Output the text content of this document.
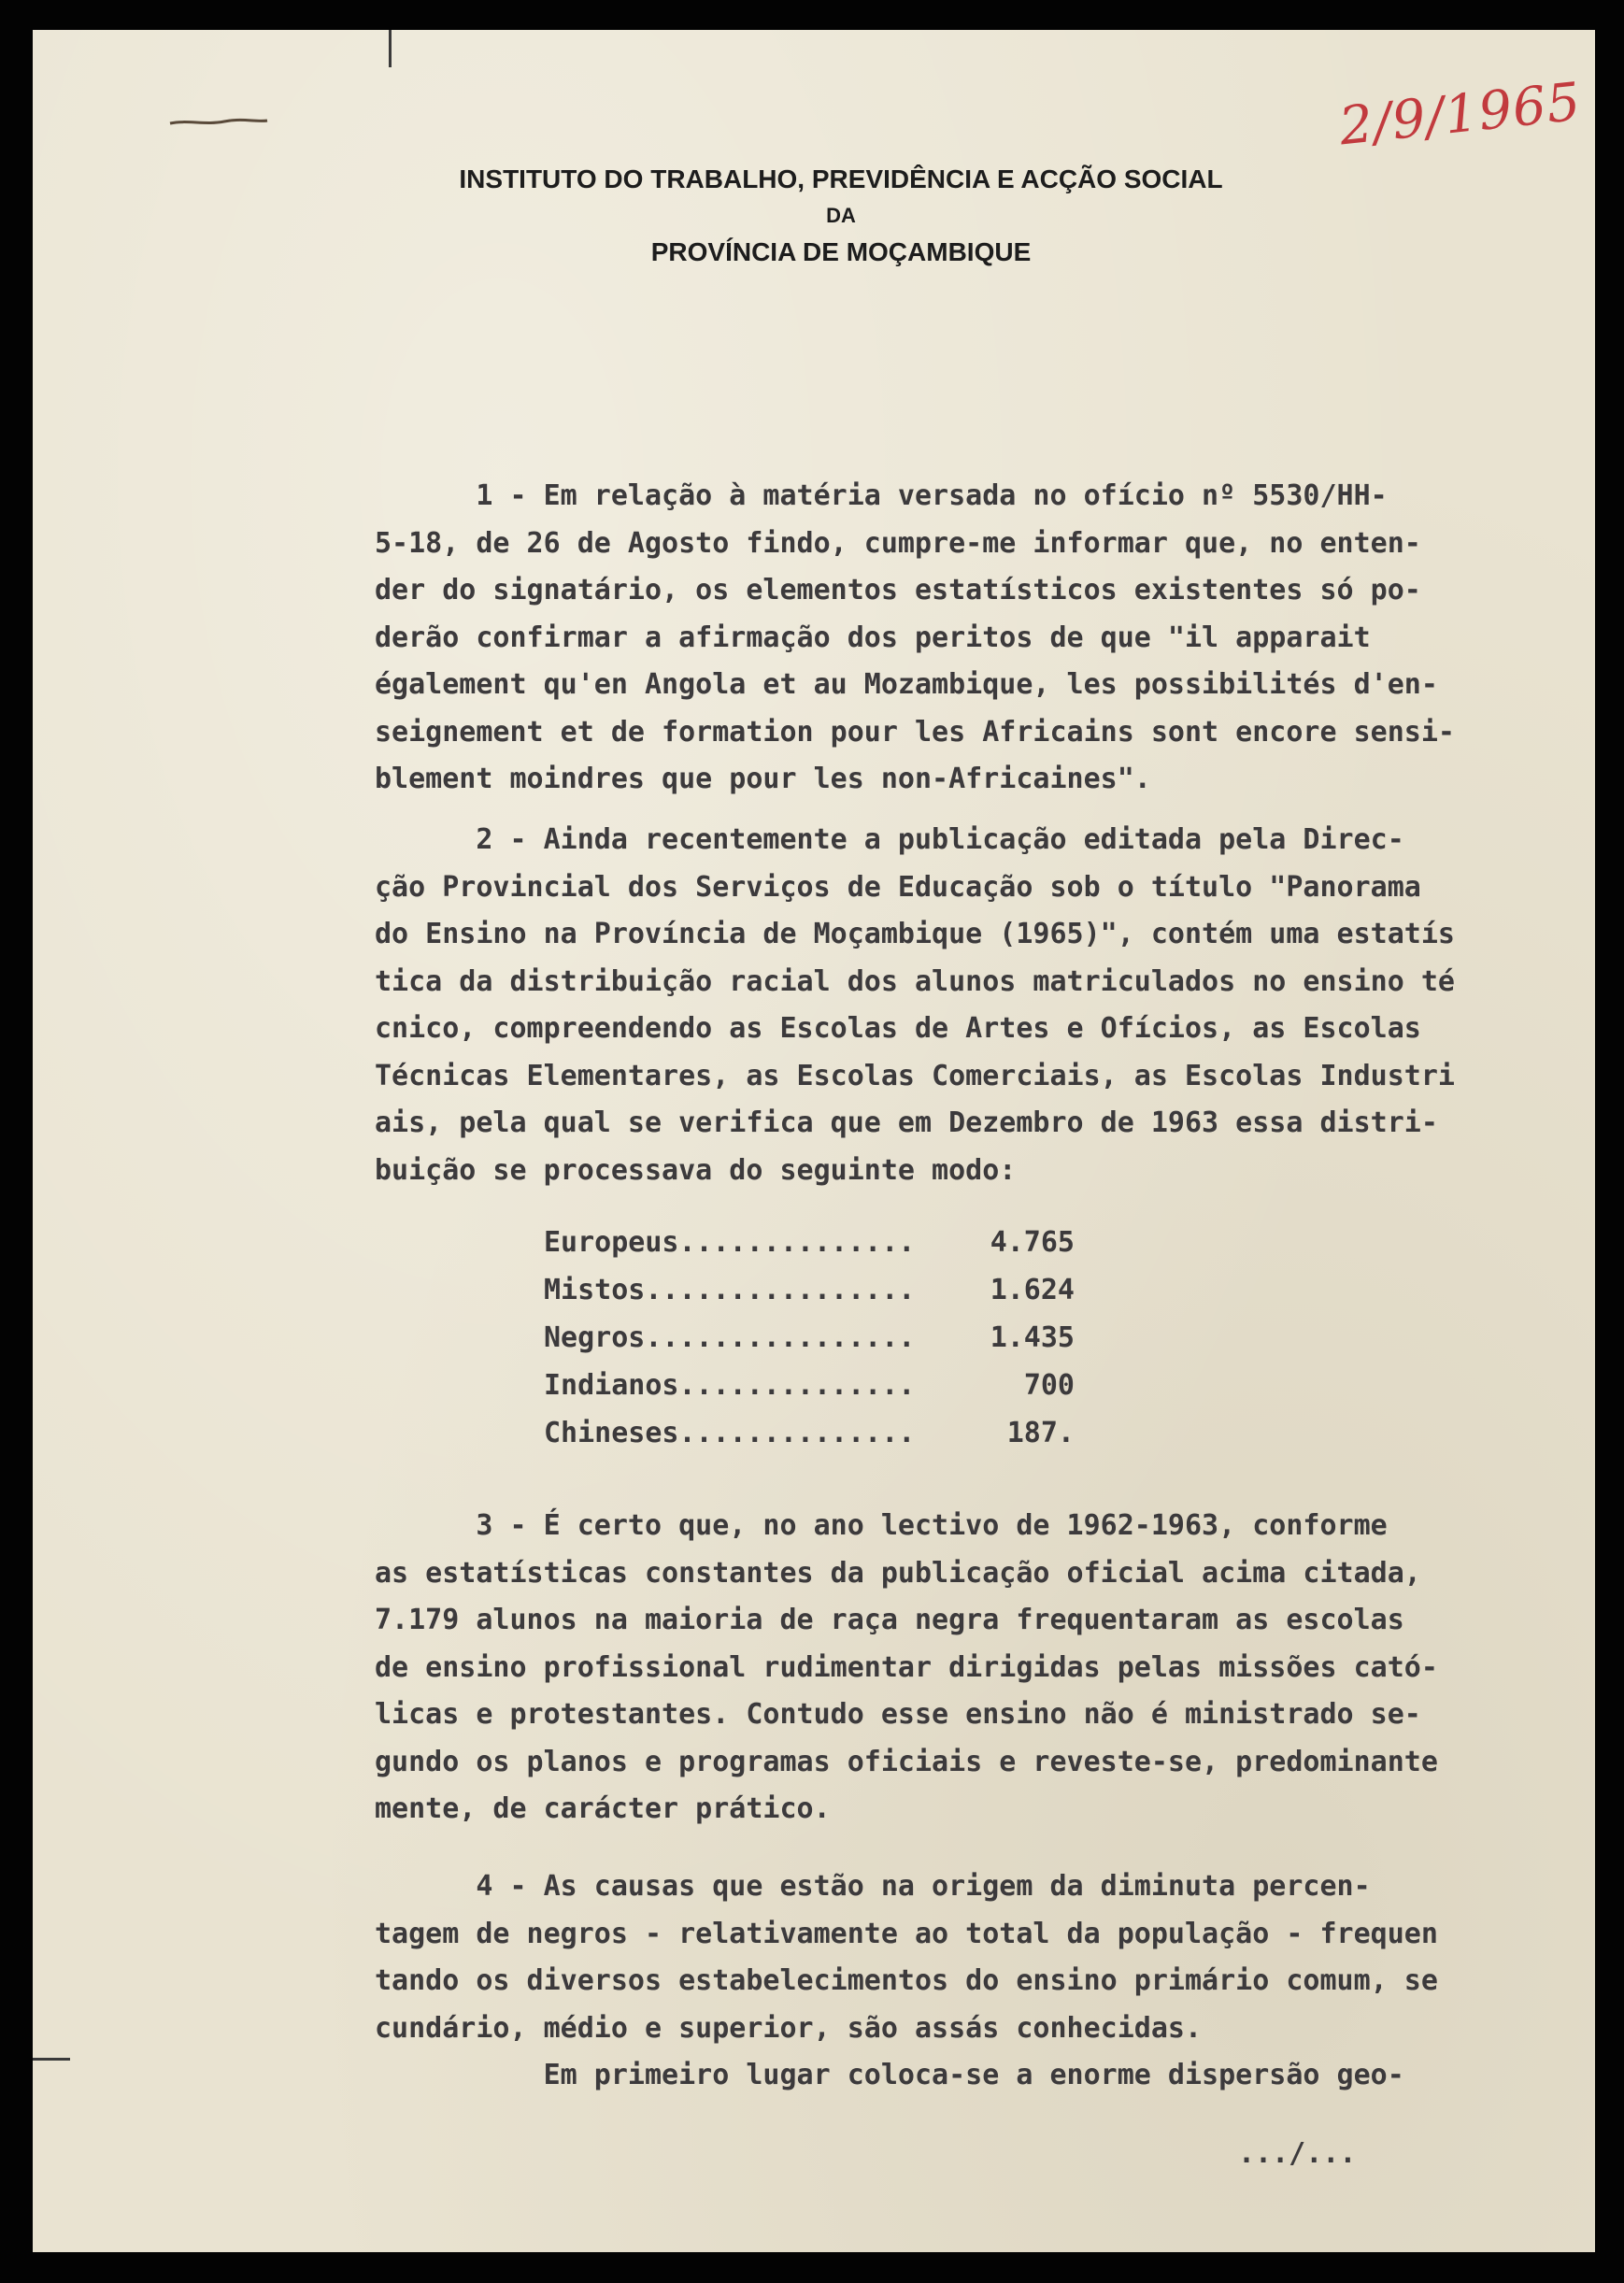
2/9/1965
INSTITUTO DO TRABALHO, PREVIDÊNCIA E ACÇÃO SOCIAL
DA
PROVÍNCIA DE MOÇAMBIQUE
1 - Em relação à matéria versada no ofício nº 5530/HH-
5-18, de 26 de Agosto findo, cumpre-me informar que, no enten-
der do signatário, os elementos estatísticos existentes só po-
derão confirmar a afirmação dos peritos de que "il apparait
également qu'en Angola et au Mozambique, les possibilités d'en-
seignement et de formation pour les Africains sont encore sensi-
blement moindres que pour les non-Africaines".
2 - Ainda recentemente a publicação editada pela Direc-
ção Provincial dos Serviços de Educação sob o título "Panorama
do Ensino na Província de Moçambique (1965)", contém uma estatís
tica da distribuição racial dos alunos matriculados no ensino té
cnico, compreendendo as Escolas de Artes e Ofícios, as Escolas
Técnicas Elementares, as Escolas Comerciais, as Escolas Industri
ais, pela qual se verifica que em Dezembro de 1963 essa distri-
buição se processava do seguinte modo:
Europeus..............	4.765
Mistos................	1.624
Negros................	1.435
Indianos..............	700
Chineses..............	187.
3 - É certo que, no ano lectivo de 1962-1963, conforme
as estatísticas constantes da publicação oficial acima citada,
7.179 alunos na maioria de raça negra frequentaram as escolas
de ensino profissional rudimentar dirigidas pelas missões cató-
licas e protestantes. Contudo esse ensino não é ministrado se-
gundo os planos e programas oficiais e reveste-se, predominante
mente, de carácter prático.
4 - As causas que estão na origem da diminuta percen-
tagem de negros - relativamente ao total da população - frequen
tando os diversos estabelecimentos do ensino primário comum, se
cundário, médio e superior, são assás conhecidas.
Em primeiro lugar coloca-se a enorme dispersão geo-
.../...
